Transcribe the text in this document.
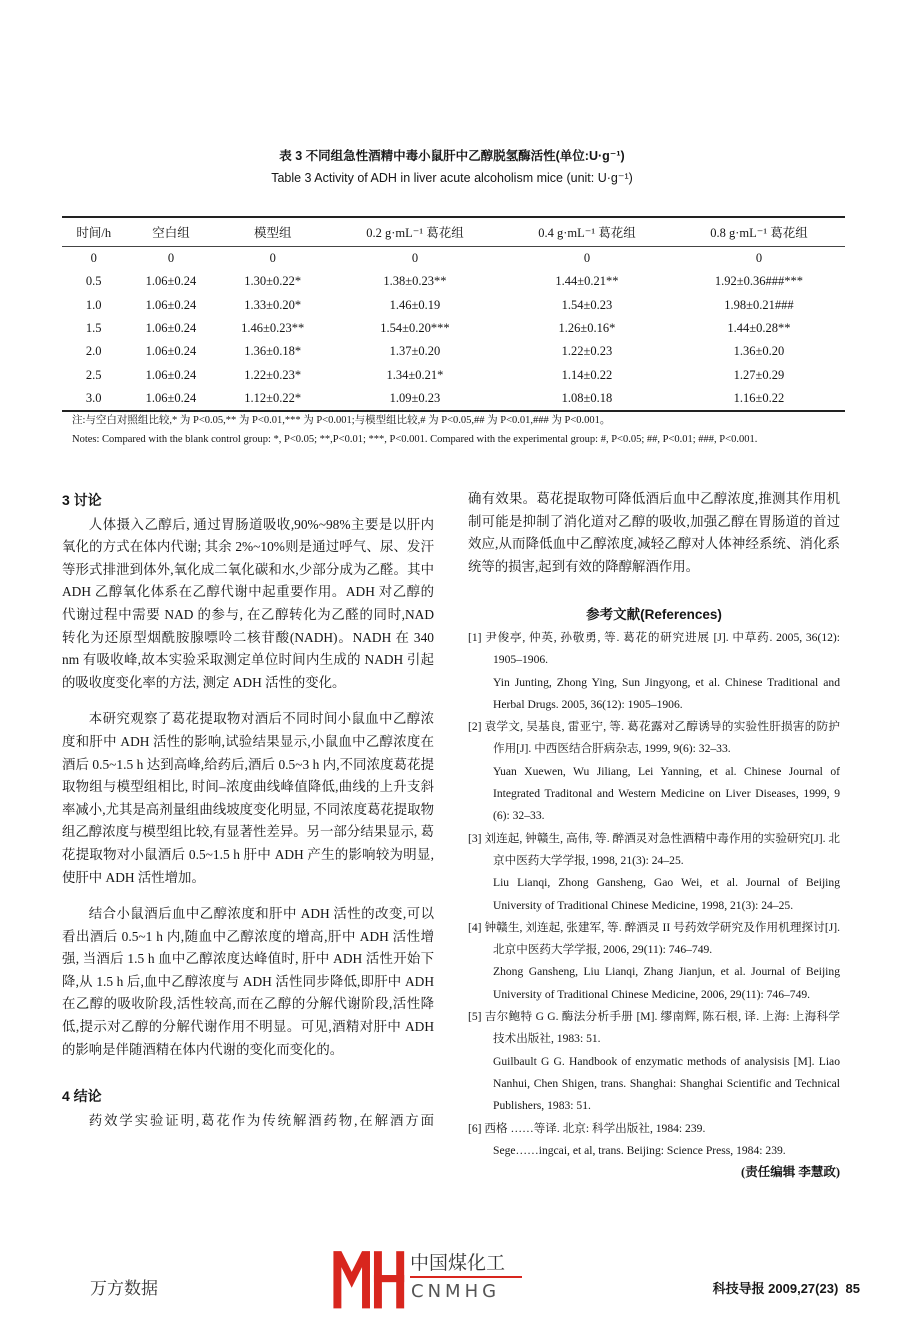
表 3 不同组急性酒精中毒小鼠肝中乙醇脱氢酶活性(单位:U·g⁻¹)
Table 3 Activity of ADH in liver acute alcoholism mice (unit: U·g⁻¹)
时间/h	空白组	模型组	0.2 g·mL⁻¹ 葛花组	0.4 g·mL⁻¹ 葛花组	0.8 g·mL⁻¹ 葛花组
0	0	0	0	0	0
0.5	1.06±0.24	1.30±0.22*	1.38±0.23**	1.44±0.21**	1.92±0.36###***
1.0	1.06±0.24	1.33±0.20*	1.46±0.19	1.54±0.23	1.98±0.21###
1.5	1.06±0.24	1.46±0.23**	1.54±0.20***	1.26±0.16*	1.44±0.28**
2.0	1.06±0.24	1.36±0.18*	1.37±0.20	1.22±0.23	1.36±0.20
2.5	1.06±0.24	1.22±0.23*	1.34±0.21*	1.14±0.22	1.27±0.29
3.0	1.06±0.24	1.12±0.22*	1.09±0.23	1.08±0.18	1.16±0.22
注:与空白对照组比较,* 为 P<0.05,** 为 P<0.01,*** 为 P<0.001;与模型组比较,# 为 P<0.05,## 为 P<0.01,### 为 P<0.001。
Notes: Compared with the blank control group: *, P<0.05; **,P<0.01; ***, P<0.001. Compared with the experimental group: #, P<0.05; ##, P<0.01; ###, P<0.001.
3 讨论

人体摄入乙醇后, 通过胃肠道吸收,90%~98%主要是以肝内氧化的方式在体内代谢; 其余 2%~10%则是通过呼气、尿、发汗等形式排泄到体外,氧化成二氧化碳和水,少部分成为乙醛。其中 ADH 乙醇氧化体系在乙醇代谢中起重要作用。ADH 对乙醇的代谢过程中需要 NAD 的参与, 在乙醇转化为乙醛的同时,NAD 转化为还原型烟酰胺腺嘌呤二核苷酸(NADH)。NADH 在 340 nm 有吸收峰,故本实验采取测定单位时间内生成的 NADH 引起的吸收度变化率的方法, 测定 ADH 活性的变化。

本研究观察了葛花提取物对酒后不同时间小鼠血中乙醇浓度和肝中 ADH 活性的影响,试验结果显示,小鼠血中乙醇浓度在酒后 0.5~1.5 h 达到高峰,给药后,酒后 0.5~3 h 内,不同浓度葛花提取物组与模型组相比, 时间–浓度曲线峰值降低,曲线的上升支斜率减小,尤其是高剂量组曲线坡度变化明显, 不同浓度葛花提取物组乙醇浓度与模型组比较,有显著性差异。另一部分结果显示, 葛花提取物对小鼠酒后 0.5~1.5 h 肝中 ADH 产生的影响较为明显,使肝中 ADH 活性增加。

结合小鼠酒后血中乙醇浓度和肝中 ADH 活性的改变,可以看出酒后 0.5~1 h 内,随血中乙醇浓度的增高,肝中 ADH 活性增强, 当酒后 1.5 h 血中乙醇浓度达峰值时, 肝中 ADH 活性开始下降,从 1.5 h 后,血中乙醇浓度与 ADH 活性同步降低,即肝中 ADH 在乙醇的吸收阶段,活性较高,而在乙醇的分解代谢阶段,活性降低,提示对乙醇的分解代谢作用不明显。可见,酒精对肝中 ADH 的影响是伴随酒精在体内代谢的变化而变化的。

4 结论

药效学实验证明,葛花作为传统解酒药物,在解酒方面

确有效果。葛花提取物可降低酒后血中乙醇浓度,推测其作用机制可能是抑制了消化道对乙醇的吸收,加强乙醇在胃肠道的首过效应,从而降低血中乙醇浓度,减轻乙醇对人体神经系统、消化系统等的损害,起到有效的降醇解酒作用。
参考文献(References)
[1] 尹俊亭, 仲英, 孙敬勇, 等. 葛花的研究进展 [J]. 中草药. 2005, 36(12): 1905–1906.
Yin Junting, Zhong Ying, Sun Jingyong, et al. Chinese Traditional and Herbal Drugs. 2005, 36(12): 1905–1906.
[2] 袁学文, 吴基良, 雷亚宁, 等. 葛花露对乙醇诱导的实验性肝损害的防护作用[J]. 中西医结合肝病杂志, 1999, 9(6): 32–33.
Yuan Xuewen, Wu Jiliang, Lei Yanning, et al. Chinese Journal of Integrated Traditonal and Western Medicine on Liver Diseases, 1999, 9 (6): 32–33.
[3] 刘连起, 钟赣生, 高伟, 等. 醉酒灵对急性酒精中毒作用的实验研究[J]. 北京中医药大学学报, 1998, 21(3): 24–25.
Liu Lianqi, Zhong Gansheng, Gao Wei, et al. Journal of Beijing University of Traditional Chinese Medicine, 1998, 21(3): 24–25.
[4] 钟赣生, 刘连起, 张建军, 等. 醉酒灵 II 号药效学研究及作用机理探讨[J]. 北京中医药大学学报, 2006, 29(11): 746–749.
Zhong Gansheng, Liu Lianqi, Zhang Jianjun, et al. Journal of Beijing University of Traditional Chinese Medicine, 2006, 29(11): 746–749.
[5] 吉尔鲍特 G G. 酶法分析手册 [M]. 缪南辉, 陈石根, 译. 上海: 上海科学技术出版社, 1983: 51.
Guilbault G G. Handbook of enzymatic methods of analysisis [M]. Liao Nanhui, Chen Shigen, trans. Shanghai: Shanghai Scientific and Technical Publishers, 1983: 51.
[6] 西格 ……等译. 北京: 科学出版社, 1984: 239.
Sege……ingcai, et al, trans. Beijing: Science Press, 1984: 239.
(责任编辑 李慧政)
中国煤化工
CNMHG
万方数据	科技导报 2009,27(23) 85
